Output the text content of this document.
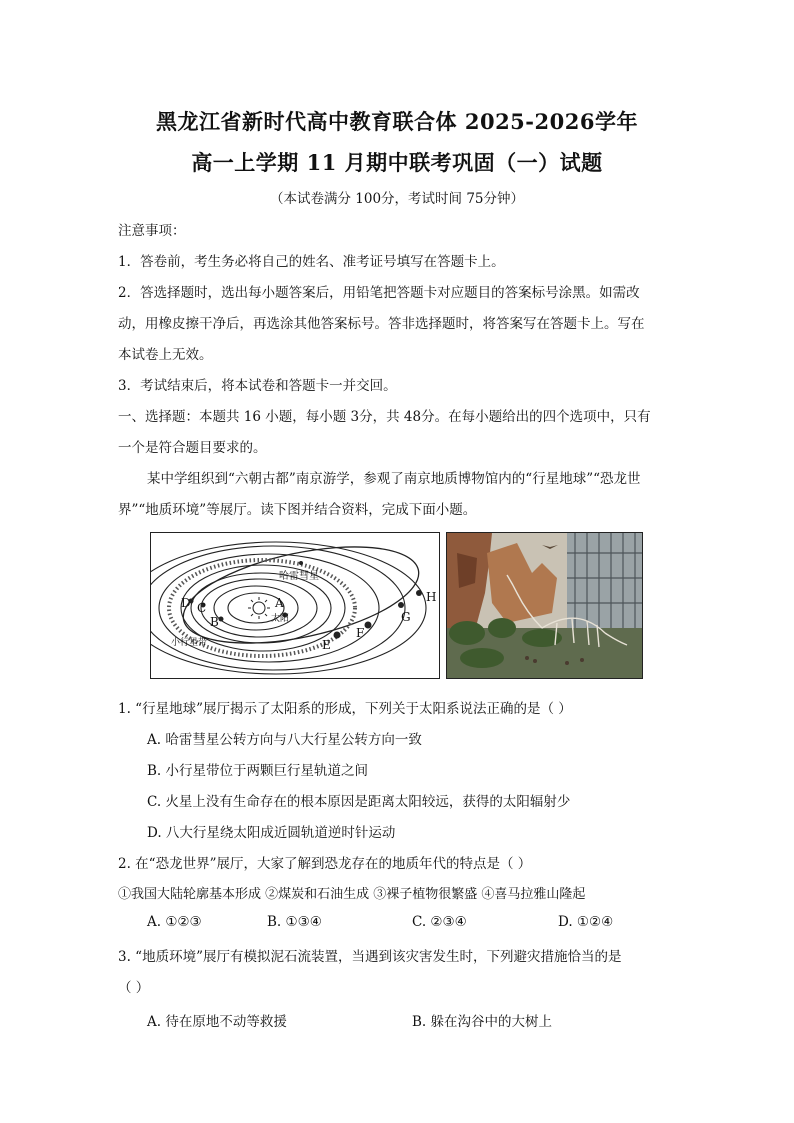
黑龙江省新时代高中教育联合体 2025-2026学年
高一上学期 11 月期中联考巩固（一）试题
（本试卷满分 100分，考试时间 75分钟）
注意事项：
1．答卷前，考生务必将自己的姓名、准考证号填写在答题卡上。
2．答选择题时，选出每小题答案后，用铅笔把答题卡对应题目的答案标号涂黑。如需改
动，用橡皮擦干净后，再选涂其他答案标号。答非选择题时，将答案写在答题卡上。写在
本试卷上无效。
3．考试结束后，将本试卷和答题卡一并交回。
一、选择题：本题共 16 小题，每小题 3分，共 48分。在每小题给出的四个选项中，只有
一个是符合题目要求的。
某中学组织到“六朝古都”南京游学，参观了南京地质博物馆内的“行星地球”“恐龙世
界”“地质环境”等展厅。读下图并结合资料，完成下面小题。
A
太阳
B
C
D
E
F
G
H
哈雷彗星
小行星带
1. “行星地球”展厅揭示了太阳系的形成，下列关于太阳系说法正确的是（ ）
A. 哈雷彗星公转方向与八大行星公转方向一致
B. 小行星带位于两颗巨行星轨道之间
C. 火星上没有生命存在的根本原因是距离太阳较远，获得的太阳辐射少
D. 八大行星绕太阳成近圆轨道逆时针运动
2. 在“恐龙世界”展厅，大家了解到恐龙存在的地质年代的特点是（ ）
①我国大陆轮廓基本形成 ②煤炭和石油生成 ③裸子植物很繁盛 ④喜马拉雅山隆起
A. ①②③	B. ①③④	C. ②③④	D. ①②④
3. “地质环境”展厅有模拟泥石流装置，当遇到该灾害发生时，下列避灾措施恰当的是
（ ）
A. 待在原地不动等救援	B. 躲在沟谷中的大树上
